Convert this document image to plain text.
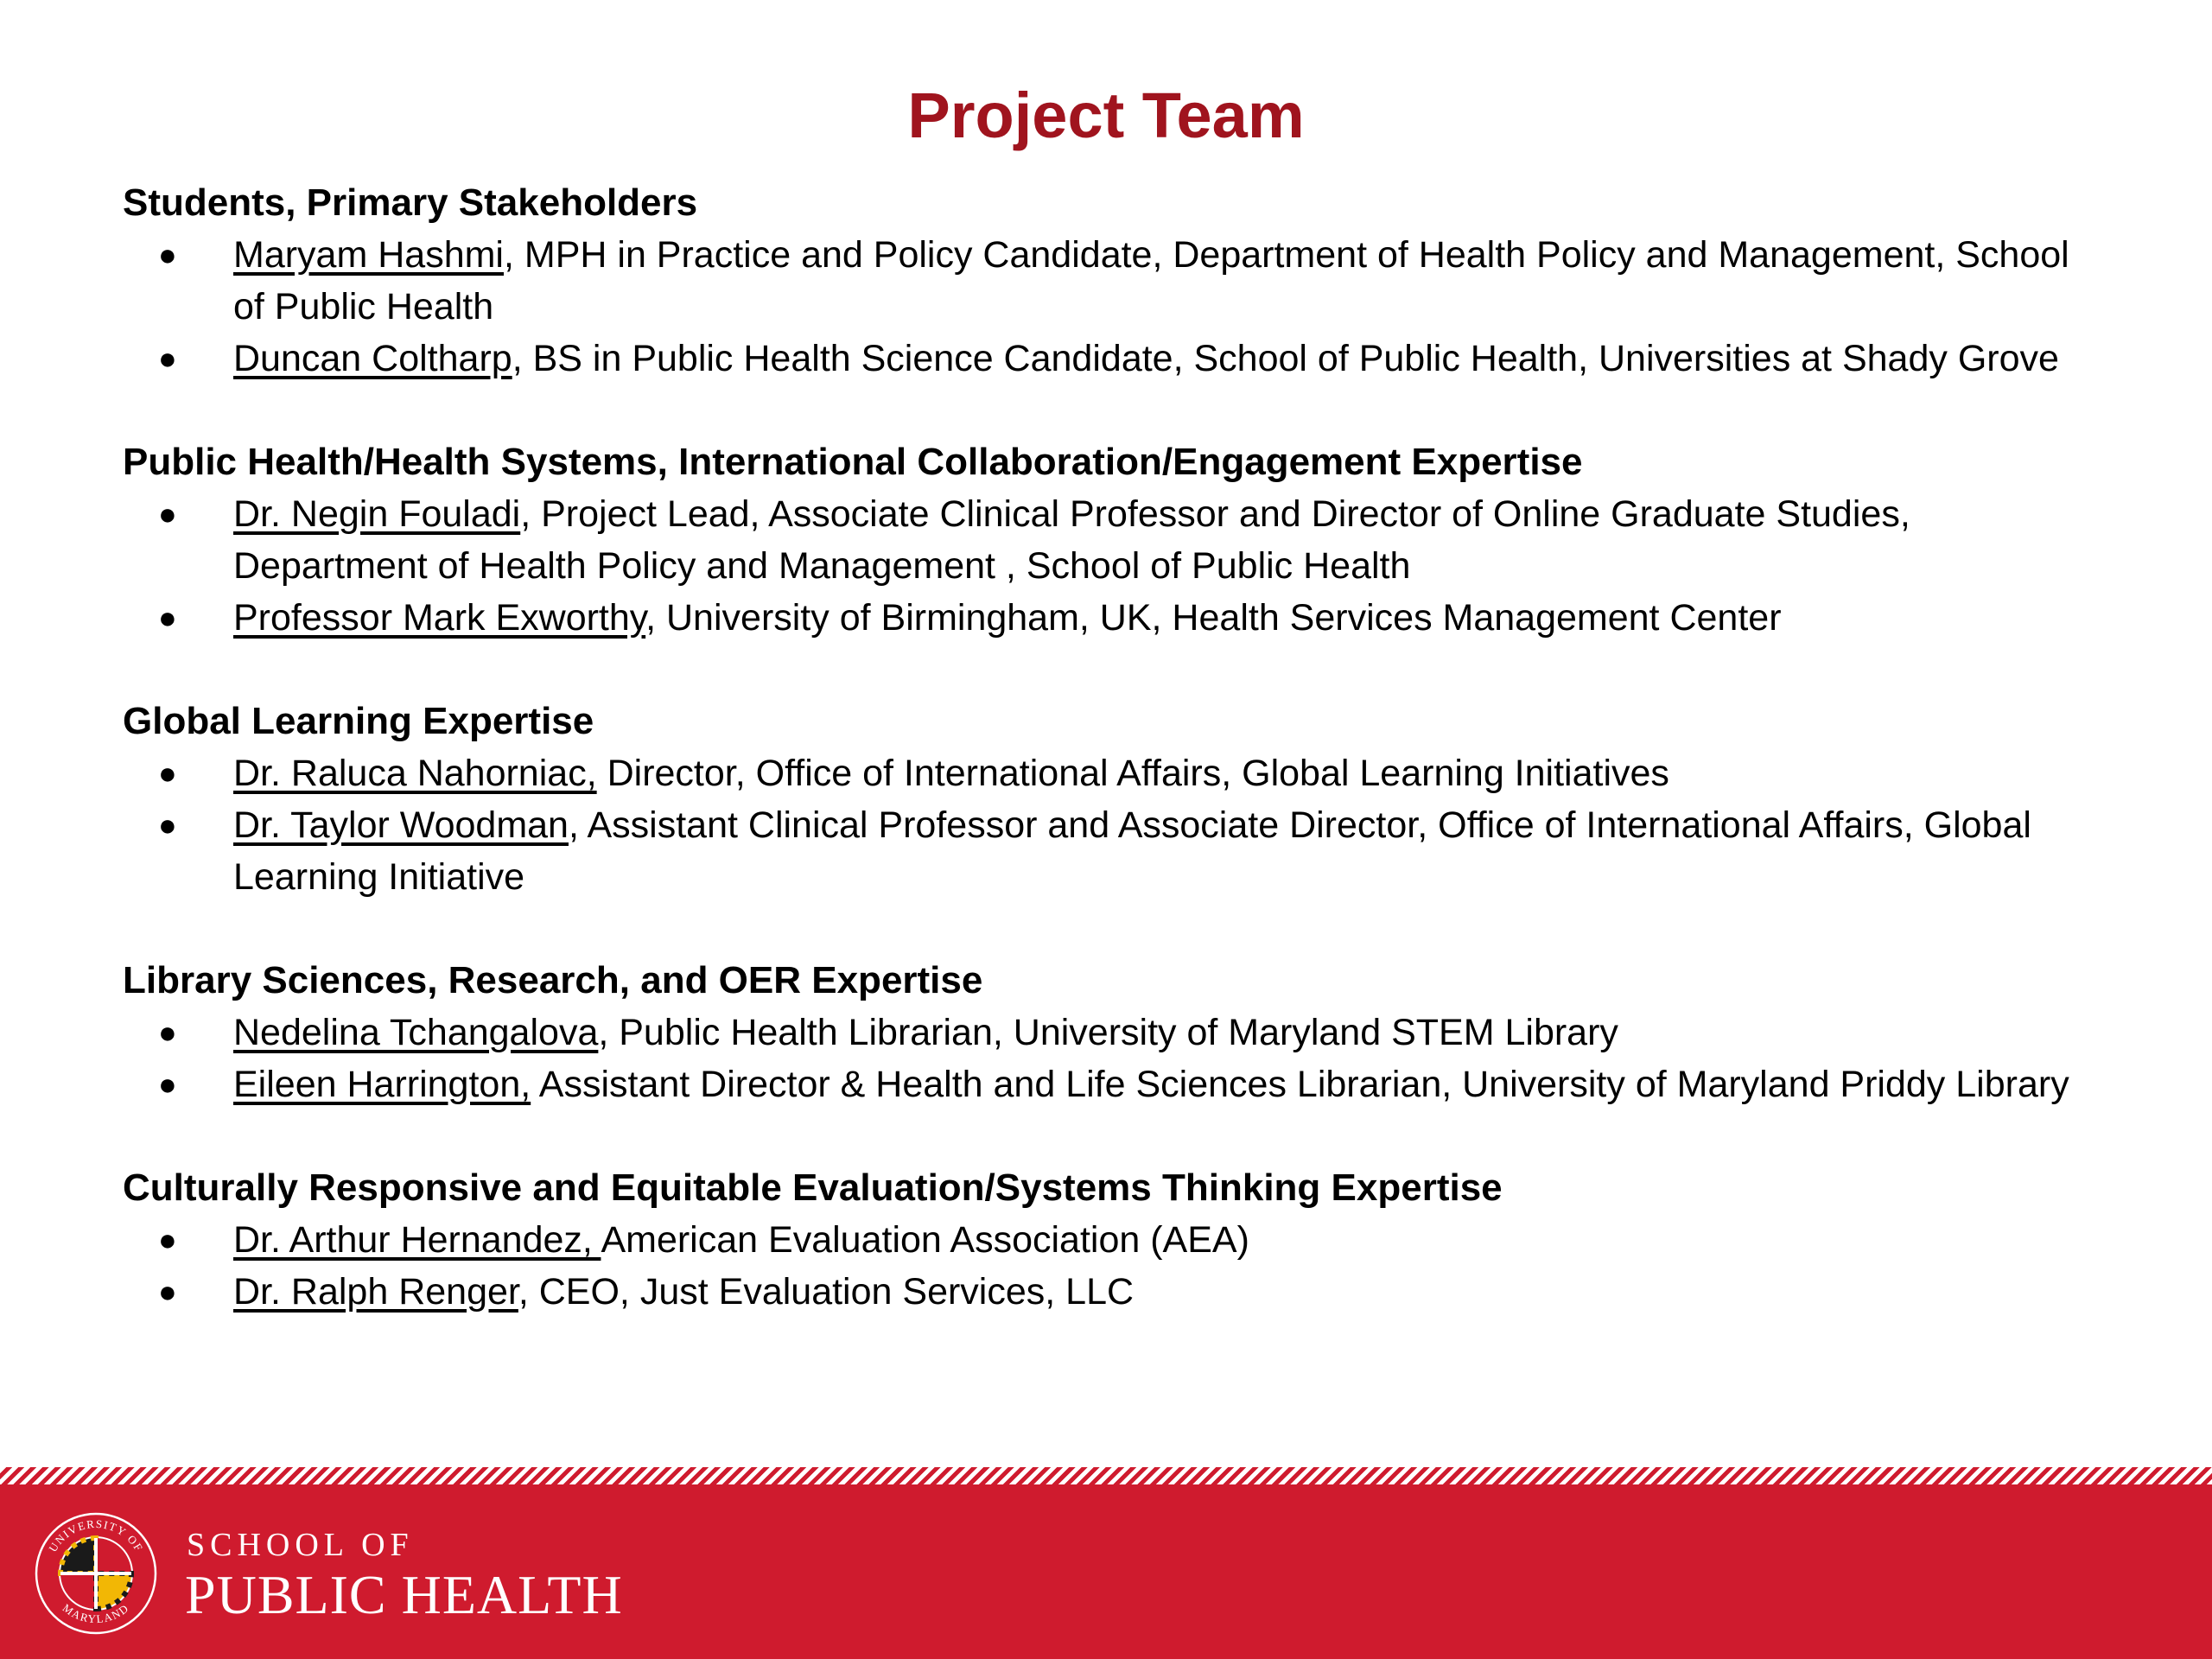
Project Team

Students, Primary Stakeholders

●	Maryam Hashmi, MPH in Practice and Policy Candidate, Department of Health Policy and Management, School of Public Health
●	Duncan Coltharp, BS in Public Health Science Candidate, School of Public Health, Universities at Shady Grove

Public Health/Health Systems, International Collaboration/Engagement Expertise

●	Dr. Negin Fouladi, Project Lead, Associate Clinical Professor and Director of Online Graduate Studies, Department of Health Policy and Management , School of Public Health
●	Professor Mark Exworthy, University of Birmingham, UK, Health Services Management Center

Global Learning Expertise

●	Dr. Raluca Nahorniac, Director, Office of International Affairs, Global Learning Initiatives
●	Dr. Taylor Woodman, Assistant Clinical Professor and Associate Director, Office of International Affairs, Global Learning Initiative

Library Sciences, Research, and OER Expertise

●	Nedelina Tchangalova, Public Health Librarian, University of Maryland STEM Library
●	Eileen Harrington, Assistant Director & Health and Life Sciences Librarian, University of Maryland Priddy Library

Culturally Responsive and Equitable Evaluation/Systems Thinking Expertise

●	Dr. Arthur Hernandez, American Evaluation Association (AEA)
●	Dr. Ralph Renger, CEO, Just Evaluation Services, LLC
UNIVERSITY OF
MARYLAND
SCHOOL OF
PUBLIC HEALTH
